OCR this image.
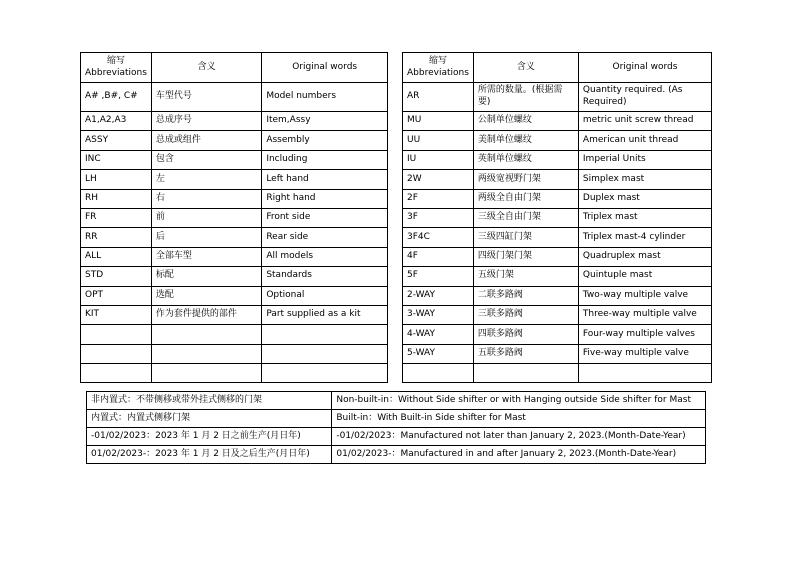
缩写
Abbreviations	含义	Original words
A# ,B#, C#	车型代号	Model numbers
A1,A2,A3	总成序号	Item,Assy
ASSY	总成或组件	Assembly
INC	包含	Including
LH	左	Left hand
RH	右	Right hand
FR	前	Front side
RR	后	Rear side
ALL	全部车型	All models
STD	标配	Standards
OPT	选配	Optional
KIT	作为套件提供的部件	Part supplied as a kit

缩写
Abbreviations	含义	Original words
AR	所需的数量。(根据需要)	Quantity required. (As Required)
MU	公制单位螺纹	metric unit screw thread
UU	美制单位螺纹	American unit thread
IU	英制单位螺纹	Imperial Units
2W	两级宽视野门架	Simplex mast
2F	两级全自由门架	Duplex mast
3F	三级全自由门架	Triplex mast
3F4C	三级四缸门架	Triplex mast-4 cylinder
4F	四级门架门架	Quadruplex mast
5F	五级门架	Quintuple mast
2-WAY	二联多路阀	Two-way multiple valve
3-WAY	三联多路阀	Three-way multiple valve
4-WAY	四联多路阀	Four-way multiple valves
5-WAY	五联多路阀	Five-way multiple valve

非内置式：不带侧移或带外挂式侧移的门架	Non-built-in：Without Side shifter or with Hanging outside Side shifter for Mast
内置式：内置式侧移门架	Built-in：With Built-in Side shifter for Mast
-01/02/2023：2023 年 1 月 2 日之前生产(月日年)	-01/02/2023：Manufactured not later than January 2, 2023.(Month-Date-Year)
01/02/2023-：2023 年 1 月 2 日及之后生产(月日年)	01/02/2023-：Manufactured in and after January 2, 2023.(Month-Date-Year)
